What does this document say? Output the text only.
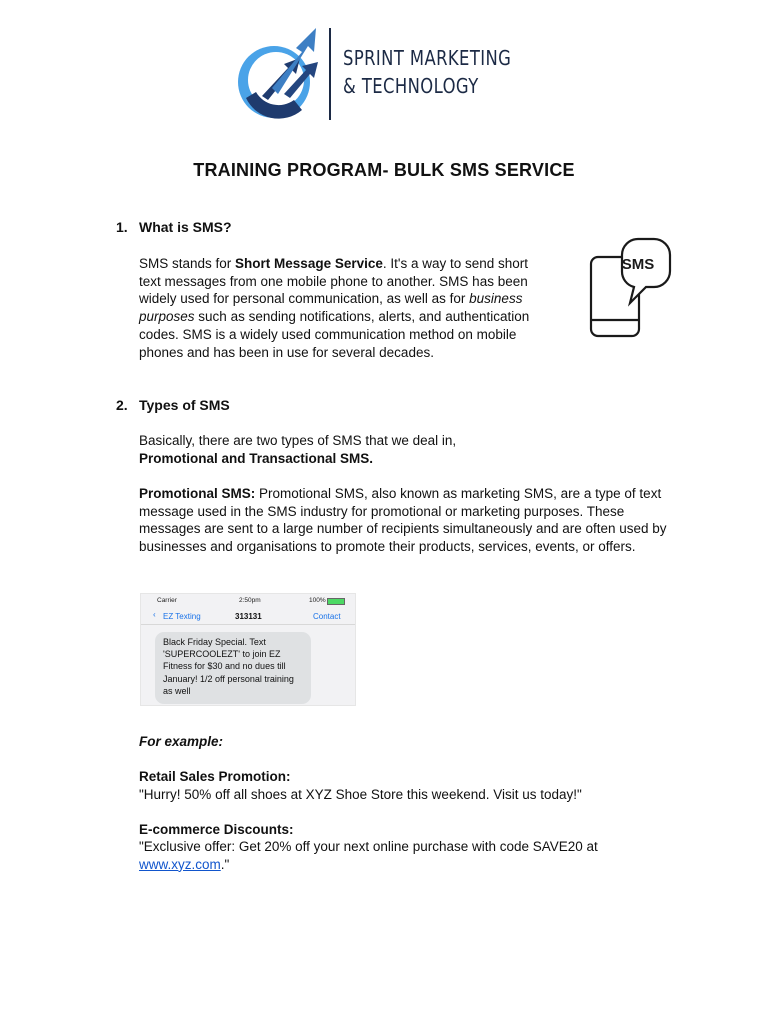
SPRINT MARKETING
& TECHNOLOGY
TRAINING PROGRAM- BULK SMS SERVICE
1. What is SMS?
SMS stands for Short Message Service. It's a way to send short text messages from one mobile phone to another. SMS has been widely used for personal communication, as well as for business purposes such as sending notifications, alerts, and authentication codes. SMS is a widely used communication method on mobile phones and has been in use for several decades.
SMS
2. Types of SMS
Basically, there are two types of SMS that we deal in,
Promotional and Transactional SMS.
Promotional SMS: Promotional SMS, also known as marketing SMS, are a type of text message used in the SMS industry for promotional or marketing purposes. These messages are sent to a large number of recipients simultaneously and are often used by businesses and organisations to promote their products, services, events, or offers.
Carrier	2:50pm	100%
‹ EZ Texting	313131	Contact
Black Friday Special. Text 'SUPERCOOLEZT' to join EZ Fitness for $30 and no dues till January! 1/2 off personal training as well
For example:
Retail Sales Promotion:
"Hurry! 50% off all shoes at XYZ Shoe Store this weekend. Visit us today!"
E-commerce Discounts:
"Exclusive offer: Get 20% off your next online purchase with code SAVE20 at
www.xyz.com."
